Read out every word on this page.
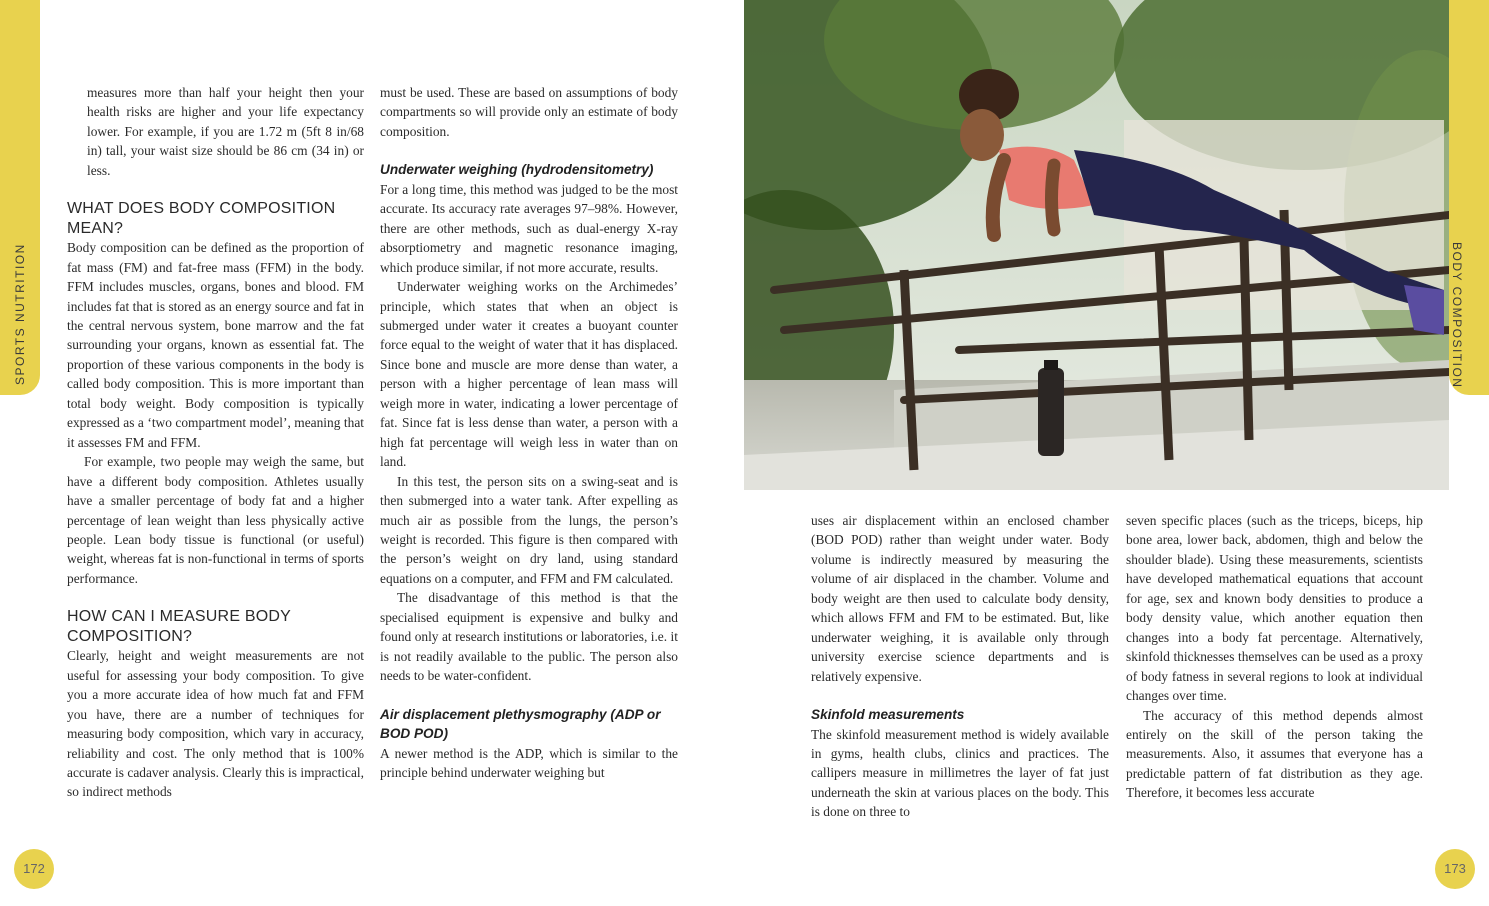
SPORTS NUTRITION
172
BODY COMPOSITION
173

measures more than half your height then your health risks are higher and your life expectancy lower. For example, if you are 1.72 m (5ft 8 in/68 in) tall, your waist size should be 86 cm (34 in) or less.

WHAT DOES BODY COMPOSITION MEAN?

Body composition can be defined as the proportion of fat mass (FM) and fat-free mass (FFM) in the body. FFM includes muscles, organs, bones and blood. FM includes fat that is stored as an energy source and fat in the central nervous system, bone marrow and the fat surrounding your organs, known as essential fat. The proportion of these various components in the body is called body composition. This is more important than total body weight. Body composition is typically expressed as a ‘two compartment model’, meaning that it assesses FM and FFM.

For example, two people may weigh the same, but have a different body composition. Athletes usually have a smaller percentage of body fat and a higher percentage of lean weight than less physically active people. Lean body tissue is functional (or useful) weight, whereas fat is non-functional in terms of sports performance.

HOW CAN I MEASURE BODY COMPOSITION?

Clearly, height and weight measurements are not useful for assessing your body composition. To give you a more accurate idea of how much fat and FFM you have, there are a number of techniques for measuring body composition, which vary in accuracy, reliability and cost. The only method that is 100% accurate is cadaver analysis. Clearly this is impractical, so indirect methods

must be used. These are based on assumptions of body compartments so will provide only an estimate of body composition.

Underwater weighing (hydrodensitometry)

For a long time, this method was judged to be the most accurate. Its accuracy rate averages 97–98%. However, there are other methods, such as dual-energy X-ray absorptiometry and magnetic resonance imaging, which produce similar, if not more accurate, results.

Underwater weighing works on the Archimedes’ principle, which states that when an object is submerged under water it creates a buoyant counter force equal to the weight of water that it has displaced. Since bone and muscle are more dense than water, a person with a higher percentage of lean mass will weigh more in water, indicating a lower percentage of fat. Since fat is less dense than water, a person with a high fat percentage will weigh less in water than on land.

In this test, the person sits on a swing-seat and is then submerged into a water tank. After expelling as much air as possible from the lungs, the person’s weight is recorded. This figure is then compared with the person’s weight on dry land, using standard equations on a computer, and FFM and FM calculated.

The disadvantage of this method is that the specialised equipment is expensive and bulky and found only at research institutions or laboratories, i.e. it is not readily available to the public. The person also needs to be water-confident.

Air displacement plethysmography (ADP or BOD POD)

A newer method is the ADP, which is similar to the principle behind underwater weighing but

uses air displacement within an enclosed chamber (BOD POD) rather than weight under water. Body volume is indirectly measured by measuring the volume of air displaced in the chamber. Volume and body weight are then used to calculate body density, which allows FFM and FM to be estimated. But, like underwater weighing, it is available only through university exercise science departments and is relatively expensive.

Skinfold measurements

The skinfold measurement method is widely available in gyms, health clubs, clinics and practices. The callipers measure in millimetres the layer of fat just underneath the skin at various places on the body. This is done on three to

seven specific places (such as the triceps, biceps, hip bone area, lower back, abdomen, thigh and below the shoulder blade). Using these measurements, scientists have developed mathematical equations that account for age, sex and known body densities to produce a body density value, which another equation then changes into a body fat percentage. Alternatively, skinfold thicknesses themselves can be used as a proxy of body fatness in several regions to look at individual changes over time.

The accuracy of this method depends almost entirely on the skill of the person taking the measurements. Also, it assumes that everyone has a predictable pattern of fat distribution as they age. Therefore, it becomes less accurate
